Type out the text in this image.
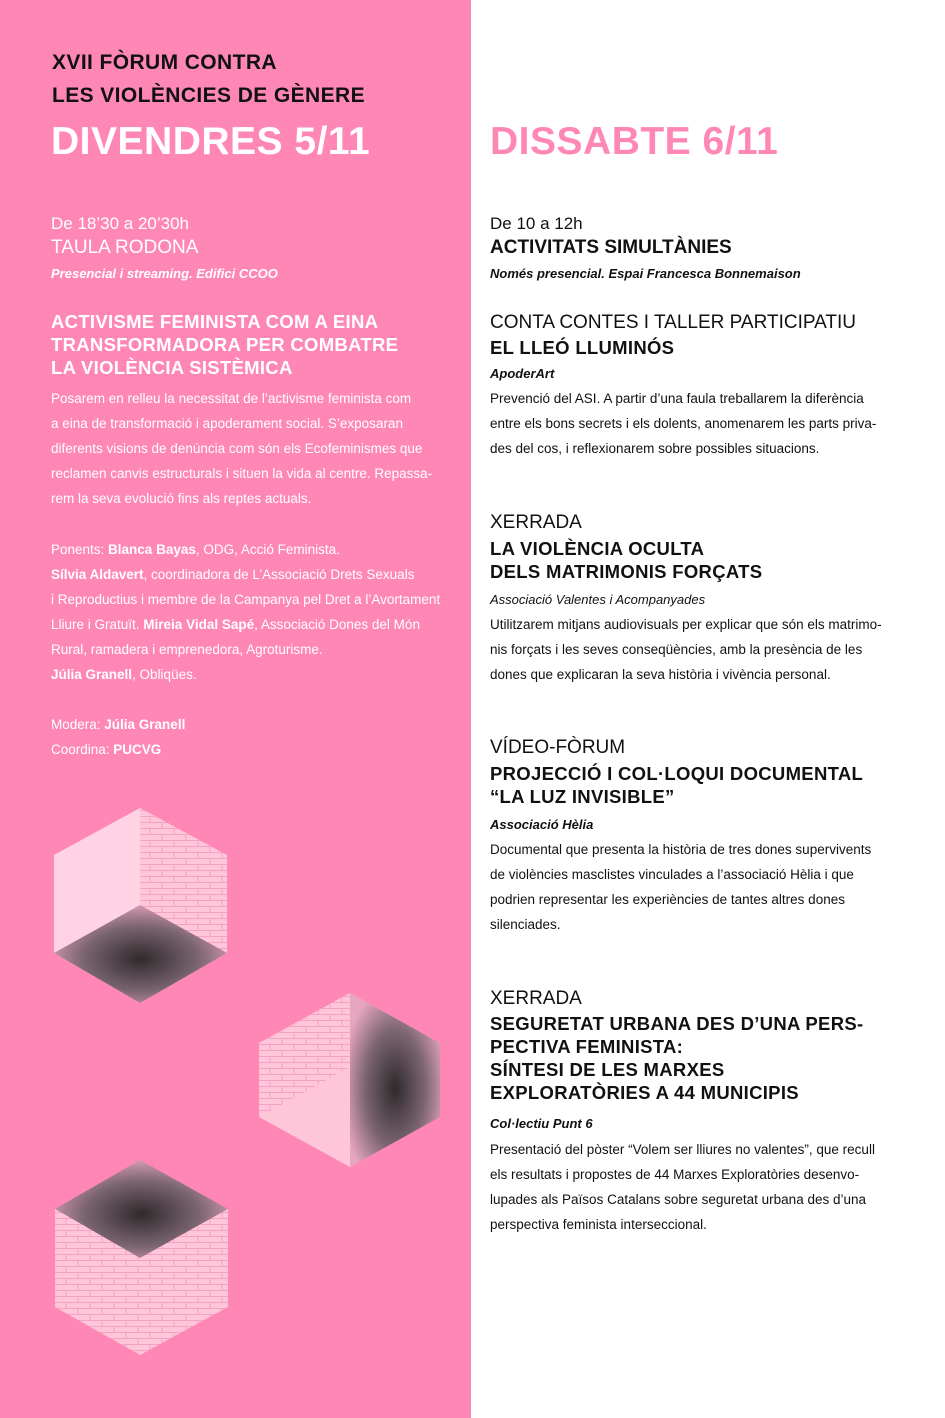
XVII FÒRUM CONTRA
LES VIOLÈNCIES DE GÈNERE
DIVENDRES 5/11	DISSABTE 6/11
De 18’30 a 20’30h
TAULA RODONA
Presencial i streaming. Edifici CCOO
ACTIVISME FEMINISTA COM A EINA
TRANSFORMADORA PER COMBATRE
LA VIOLÈNCIA SISTÈMICA
Posarem en relleu la necessitat de l’activisme feminista com
a eina de transformació i apoderament social. S’exposaran
diferents visions de denúncia com són els Ecofeminismes que
reclamen canvis estructurals i situen la vida al centre. Repassa-
rem la seva evolució fins als reptes actuals.
Ponents: Blanca Bayas, ODG, Acció Feminista.
Sílvia Aldavert, coordinadora de L’Associació Drets Sexuals
i Reproductius i membre de la Campanya pel Dret a l’Avortament
Lliure i Gratuït. Mireia Vidal Sapé, Associació Dones del Món
Rural, ramadera i emprenedora, Agroturisme.
Júlia Granell, Obliqües.
Modera: Júlia Granell
Coordina: PUCVG
De 10 a 12h
ACTIVITATS SIMULTÀNIES
Només presencial. Espai Francesca Bonnemaison
CONTA CONTES I TALLER PARTICIPATIU
EL LLEÓ LLUMINÓS
ApoderArt
Prevenció del ASI. A partir d’una faula treballarem la diferència
entre els bons secrets i els dolents, anomenarem les parts priva-
des del cos, i reflexionarem sobre possibles situacions.
XERRADA
LA VIOLÈNCIA OCULTA
DELS MATRIMONIS FORÇATS
Associació Valentes i Acompanyades
Utilitzarem mitjans audiovisuals per explicar que són els matrimo-
nis forçats i les seves conseqüències, amb la presència de les
dones que explicaran la seva història i vivència personal.
VÍDEO-FÒRUM
PROJECCIÓ I COL·LOQUI DOCUMENTAL
“LA LUZ INVISIBLE”
Associació Hèlia
Documental que presenta la història de tres dones supervivents
de violències masclistes vinculades a l’associació Hèlia i que
podrien representar les experiències de tantes altres dones
silenciades.
XERRADA
SEGURETAT URBANA DES D’UNA PERS-
PECTIVA FEMINISTA:
SÍNTESI DE LES MARXES
EXPLORATÒRIES A 44 MUNICIPIS
Col·lectiu Punt 6
Presentació del pòster “Volem ser lliures no valentes”, que recull
els resultats i propostes de 44 Marxes Exploratòries desenvo-
lupades als Països Catalans sobre seguretat urbana des d’una
perspectiva feminista interseccional.
